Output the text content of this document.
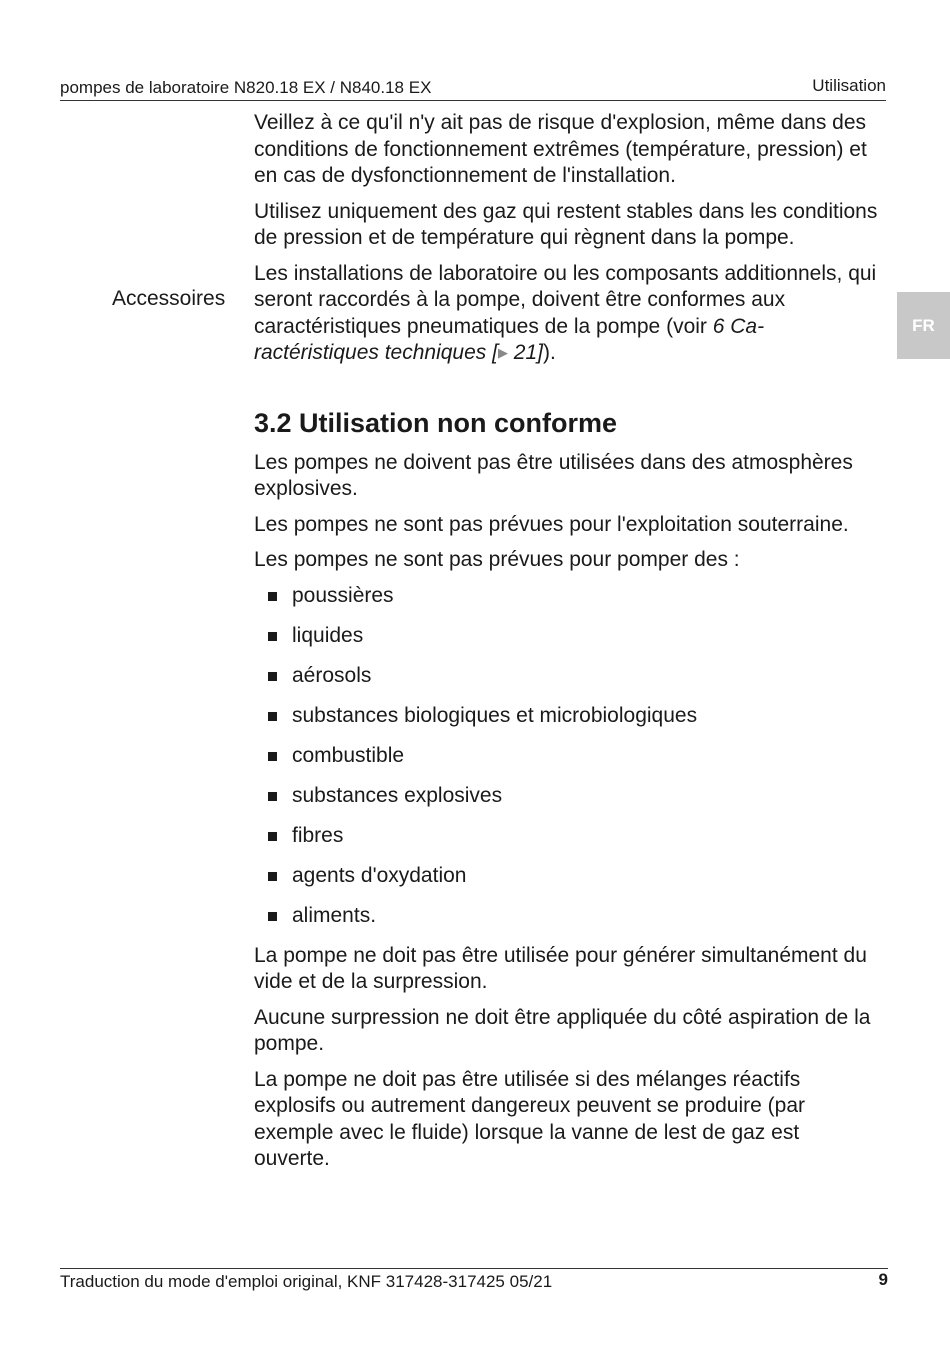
pompes de laboratoire N820.18 EX / N840.18 EX	Utilisation
FR
Accessoires

Veillez à ce qu'il n'y ait pas de risque d'explosion, même dans des conditions de fonctionnement extrêmes (température, pression) et en cas de dysfonctionnement de l'installation.

Utilisez uniquement des gaz qui restent stables dans les conditions de pression et de température qui règnent dans la pompe.

Les installations de laboratoire ou les composants additionnels, qui seront raccordés à la pompe, doivent être conformes aux caractéristiques pneumatiques de la pompe (voir 6 Caractéristiques techniques [▶ 21]).

3.2 Utilisation non conforme

Les pompes ne doivent pas être utilisées dans des atmosphères explosives.

Les pompes ne sont pas prévues pour l'exploitation souterraine.

Les pompes ne sont pas prévues pour pomper des :

poussières
liquides
aérosols
substances biologiques et microbiologiques
combustible
substances explosives
fibres
agents d'oxydation
aliments.

La pompe ne doit pas être utilisée pour générer simultanément du vide et de la surpression.

Aucune surpression ne doit être appliquée du côté aspiration de la pompe.

La pompe ne doit pas être utilisée si des mélanges réactifs explosifs ou autrement dangereux peuvent se produire (par exemple avec le fluide) lorsque la vanne de lest de gaz est ouverte.

Traduction du mode d'emploi original, KNF 317428-317425 05/21	9
